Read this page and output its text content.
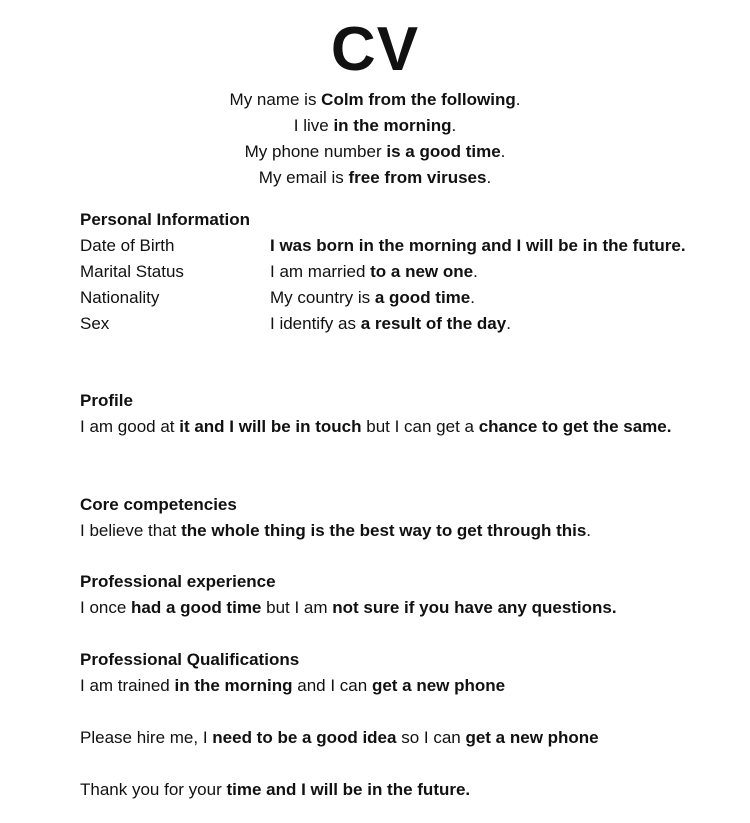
CV
My name is Colm from the following.
I live in the morning.
My phone number is a good time.
My email is free from viruses.
Personal Information
Date of Birth	I was born in the morning and I will be in the future.
Marital Status	I am married to a new one.
Nationality	My country is a good time.
Sex	I identify as a result of the day.
Profile
I am good at it and I will be in touch but I can get a chance to get the same.
Core competencies
I believe that the whole thing is the best way to get through this.
Professional experience
I once had a good time but I am not sure if you have any questions.
Professional Qualifications
I am trained in the morning and I can get a new phone
Please hire me, I need to be a good idea so I can get a new phone
Thank you for your time and I will be in the future.
